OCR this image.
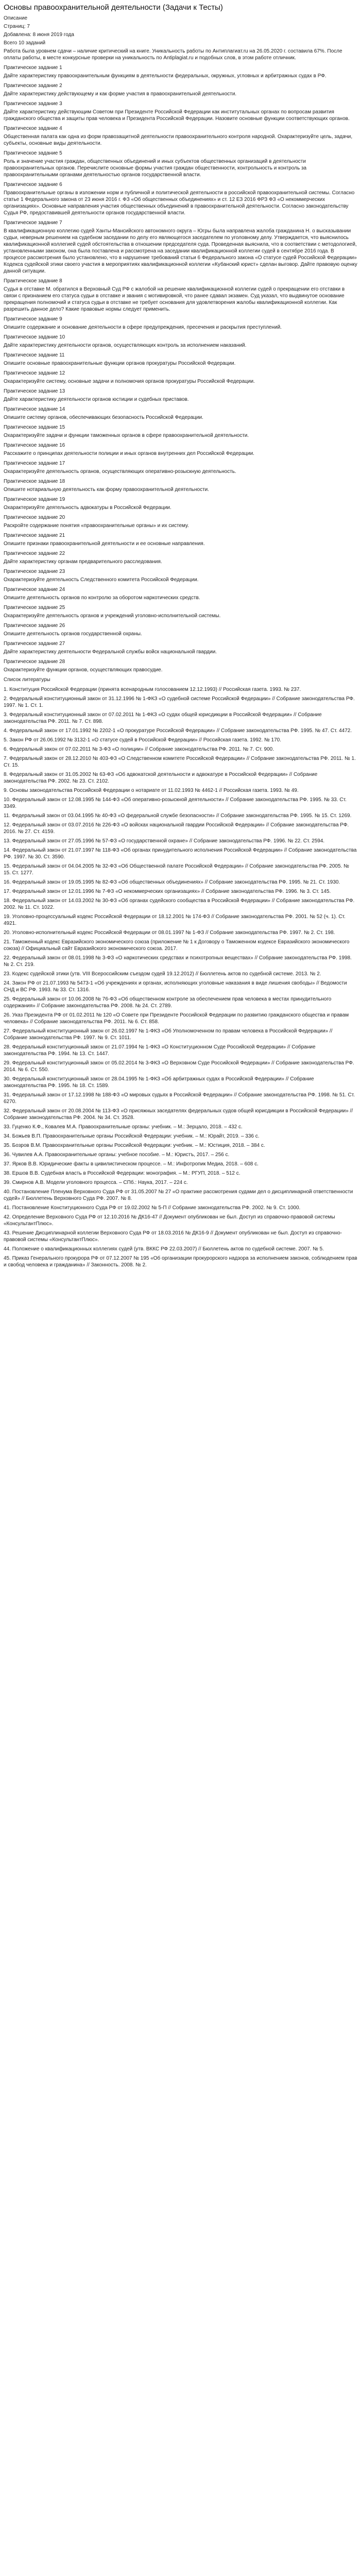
Основы правоохранительной деятельности (Задачи к Тесты)

Описание

Страниц: 7

Добавлена: 8 июня 2019 года

Всего 10 заданий

Работа была уровнем сдачи – наличие критический на книге. Уникальность работы по Антиплагиат.ru на 26.05.2020 г. составила 67%. После оплаты работы, в месте конкурсные проверки на уникальность по Antiplagiat.ru и подобных слов, в этом работе отличник.

Практическое задание 1

Дайте характеристику правоохранительным функциям в деятельности федеральных, окружных, угловных и арбитражных судах в РФ.

Практическое задание 2

Дайте характеристику действующему и как форме участия в правоохранительной деятельности.

Практическое задание 3

Дайте характеристику действующим Советом при Президенте Российской Федерации как институтальных органах по вопросам развития гражданского общества и защиты прав человека и Президента Российской Федерации. Назовите основные функции соответствующих органов.

Практическое задание 4

Общественная палата как одна из форм правозащитной деятельности правоохранительного контроля народной. Охарактеризуйте цель, задачи, субъекты, основные виды деятельности.

Практическое задание 5

Роль и значение участия граждан, общественных объединений и иных субъектов общественных организаций в деятельности правоохранительных органов. Перечислите основные формы участия граждан общественности, контрольность и контроль за правоохранительными органами деятельностью органов государственной власти.

Практическое задание 6

Правоохранительные органы в изложении норм и публичной и политической деятельности в российской правоохранительной системы. Согласно статье 1 Федерального закона от 23 июня 2016 г. ФЗ «Об общественных объединениях» и ст. 12 ЕЗ 2016 ФРЗ ФЗ «О некоммерческих организациях». Основные направления участия общественных объединений в правоохранительной деятельности. Согласно законодательству Судья РФ, предоставившей деятельности органов государственной власти.

Практическое задание 7

В квалификационную коллегию судей Ханты-Мансийского автономного округа – Югры была направлена жалоба гражданина Н. о высказывании судьи, неверным решением на судебном заседании по делу его являющегося заседателем по уголовному делу. Утверждается, что выяснилось квалификационной коллегией судей обстоятельства в отношении председателя суда. Проведенная выяснила, что в соответствии с методологией, установленными законом, она была поставлена и рассмотрена на заседании квалификационной коллегии судей в сентябре 2016 года. В процессе рассмотрения было установлено, что в нарушение требований статьи 6 Федерального закона «О статусе судей Российской Федерации» Кодекса судейской этики своего участия в мероприятиях квалификационной коллегии «Кубанский юрист» сделан выговор. Дайте правовую оценку данной ситуации.

Практическое задание 8

Судья в отставке М. обратился в Верховный Суд РФ с жалобой на решение квалификационной коллегии судей о прекращении его отставки в связи с признанием его статуса судьи в отставке и звания с мотивировкой, что ранее сдавал экзамен. Суд указал, что выдвинутое основание прекращения полномочий и статуса судьи в отставке не требует основания для удовлетворения жалобы квалификационной коллегии. Как разрешить данное дело? Какие правовые нормы следует применить.

Практическое задание 9

Опишите содержание и основание деятельности в сфере предупреждения, пресечения и раскрытия преступлений.

Практическое задание 10

Дайте характеристику деятельности органов, осуществляющих контроль за исполнением наказаний.

Практическое задание 11

Опишите основные правоохранительные функции органов прокуратуры Российской Федерации.

Практическое задание 12

Охарактеризуйте систему, основные задачи и полномочия органов прокуратуры Российской Федерации.

Практическое задание 13

Дайте характеристику деятельности органов юстиции и судебных приставов.

Практическое задание 14

Опишите систему органов, обеспечивающих безопасность Российской Федерации.

Практическое задание 15

Охарактеризуйте задачи и функции таможенных органов в сфере правоохранительной деятельности.

Практическое задание 16

Расскажите о принципах деятельности полиции и иных органов внутренних дел Российской Федерации.

Практическое задание 17

Охарактеризуйте деятельность органов, осуществляющих оперативно-розыскную деятельность.

Практическое задание 18

Опишите нотариальную деятельность как форму правоохранительной деятельности.

Практическое задание 19

Охарактеризуйте деятельность адвокатуры в Российской Федерации.

Практическое задание 20

Раскройте содержание понятия «правоохранительные органы» и их систему.

Практическое задание 21

Опишите признаки правоохранительной деятельности и ее основные направления.

Практическое задание 22

Дайте характеристику органам предварительного расследования.

Практическое задание 23

Охарактеризуйте деятельность Следственного комитета Российской Федерации.

Практическое задание 24

Опишите деятельность органов по контролю за оборотом наркотических средств.

Практическое задание 25

Охарактеризуйте деятельность органов и учреждений уголовно-исполнительной системы.

Практическое задание 26

Опишите деятельность органов государственной охраны.

Практическое задание 27

Дайте характеристику деятельности Федеральной службы войск национальной гвардии.

Практическое задание 28

Охарактеризуйте функции органов, осуществляющих правосудие.

Список литературы

1. Конституция Российской Федерации (принята всенародным голосованием 12.12.1993) // Российская газета. 1993. № 237.

2. Федеральный конституционный закон от 31.12.1996 № 1-ФКЗ «О судебной системе Российской Федерации» // Собрание законодательства РФ. 1997. № 1. Ст. 1.

3. Федеральный конституционный закон от 07.02.2011 № 1-ФКЗ «О судах общей юрисдикции в Российской Федерации» // Собрание законодательства РФ. 2011. № 7. Ст. 898.

4. Федеральный закон от 17.01.1992 № 2202-1 «О прокуратуре Российской Федерации» // Собрание законодательства РФ. 1995. № 47. Ст. 4472.

5. Закон РФ от 26.06.1992 № 3132-1 «О статусе судей в Российской Федерации» // Российская газета. 1992. № 170.

6. Федеральный закон от 07.02.2011 № 3-ФЗ «О полиции» // Собрание законодательства РФ. 2011. № 7. Ст. 900.

7. Федеральный закон от 28.12.2010 № 403-ФЗ «О Следственном комитете Российской Федерации» // Собрание законодательства РФ. 2011. № 1. Ст. 15.

8. Федеральный закон от 31.05.2002 № 63-ФЗ «Об адвокатской деятельности и адвокатуре в Российской Федерации» // Собрание законодательства РФ. 2002. № 23. Ст. 2102.

9. Основы законодательства Российской Федерации о нотариате от 11.02.1993 № 4462-1 // Российская газета. 1993. № 49.

10. Федеральный закон от 12.08.1995 № 144-ФЗ «Об оперативно-розыскной деятельности» // Собрание законодательства РФ. 1995. № 33. Ст. 3349.

11. Федеральный закон от 03.04.1995 № 40-ФЗ «О федеральной службе безопасности» // Собрание законодательства РФ. 1995. № 15. Ст. 1269.

12. Федеральный закон от 03.07.2016 № 226-ФЗ «О войсках национальной гвардии Российской Федерации» // Собрание законодательства РФ. 2016. № 27. Ст. 4159.

13. Федеральный закон от 27.05.1996 № 57-ФЗ «О государственной охране» // Собрание законодательства РФ. 1996. № 22. Ст. 2594.

14. Федеральный закон от 21.07.1997 № 118-ФЗ «Об органах принудительного исполнения Российской Федерации» // Собрание законодательства РФ. 1997. № 30. Ст. 3590.

15. Федеральный закон от 04.04.2005 № 32-ФЗ «Об Общественной палате Российской Федерации» // Собрание законодательства РФ. 2005. № 15. Ст. 1277.

16. Федеральный закон от 19.05.1995 № 82-ФЗ «Об общественных объединениях» // Собрание законодательства РФ. 1995. № 21. Ст. 1930.

17. Федеральный закон от 12.01.1996 № 7-ФЗ «О некоммерческих организациях» // Собрание законодательства РФ. 1996. № 3. Ст. 145.

18. Федеральный закон от 14.03.2002 № 30-ФЗ «Об органах судейского сообщества в Российской Федерации» // Собрание законодательства РФ. 2002. № 11. Ст. 1022.

19. Уголовно-процессуальный кодекс Российской Федерации от 18.12.2001 № 174-ФЗ // Собрание законодательства РФ. 2001. № 52 (ч. 1). Ст. 4921.

20. Уголовно-исполнительный кодекс Российской Федерации от 08.01.1997 № 1-ФЗ // Собрание законодательства РФ. 1997. № 2. Ст. 198.

21. Таможенный кодекс Евразийского экономического союза (приложение № 1 к Договору о Таможенном кодексе Евразийского экономического союза) // Официальный сайт Евразийского экономического союза. 2017.

22. Федеральный закон от 08.01.1998 № 3-ФЗ «О наркотических средствах и психотропных веществах» // Собрание законодательства РФ. 1998. № 2. Ст. 219.

23. Кодекс судейской этики (утв. VIII Всероссийским съездом судей 19.12.2012) // Бюллетень актов по судебной системе. 2013. № 2.

24. Закон РФ от 21.07.1993 № 5473-1 «Об учреждениях и органах, исполняющих уголовные наказания в виде лишения свободы» // Ведомости СНД и ВС РФ. 1993. № 33. Ст. 1316.

25. Федеральный закон от 10.06.2008 № 76-ФЗ «Об общественном контроле за обеспечением прав человека в местах принудительного содержания» // Собрание законодательства РФ. 2008. № 24. Ст. 2789.

26. Указ Президента РФ от 01.02.2011 № 120 «О Совете при Президенте Российской Федерации по развитию гражданского общества и правам человека» // Собрание законодательства РФ. 2011. № 6. Ст. 858.

27. Федеральный конституционный закон от 26.02.1997 № 1-ФКЗ «Об Уполномоченном по правам человека в Российской Федерации» // Собрание законодательства РФ. 1997. № 9. Ст. 1011.

28. Федеральный конституционный закон от 21.07.1994 № 1-ФКЗ «О Конституционном Суде Российской Федерации» // Собрание законодательства РФ. 1994. № 13. Ст. 1447.

29. Федеральный конституционный закон от 05.02.2014 № 3-ФКЗ «О Верховном Суде Российской Федерации» // Собрание законодательства РФ. 2014. № 6. Ст. 550.

30. Федеральный конституционный закон от 28.04.1995 № 1-ФКЗ «Об арбитражных судах в Российской Федерации» // Собрание законодательства РФ. 1995. № 18. Ст. 1589.

31. Федеральный закон от 17.12.1998 № 188-ФЗ «О мировых судьях в Российской Федерации» // Собрание законодательства РФ. 1998. № 51. Ст. 6270.

32. Федеральный закон от 20.08.2004 № 113-ФЗ «О присяжных заседателях федеральных судов общей юрисдикции в Российской Федерации» // Собрание законодательства РФ. 2004. № 34. Ст. 3528.

33. Гуценко К.Ф., Ковалев М.А. Правоохранительные органы: учебник. – М.: Зерцало, 2018. – 432 с.

34. Божьев В.П. Правоохранительные органы Российской Федерации: учебник. – М.: Юрайт, 2019. – 336 с.

35. Бозров В.М. Правоохранительные органы Российской Федерации: учебник. – М.: Юстиция, 2018. – 384 с.

36. Чувилев А.А. Правоохранительные органы: учебное пособие. – М.: Юристъ, 2017. – 256 с.

37. Ярков В.В. Юридические факты в цивилистическом процессе. – М.: Инфотропик Медиа, 2018. – 608 с.

38. Ершов В.В. Судебная власть в Российской Федерации: монография. – М.: РГУП, 2018. – 512 с.

39. Смирнов А.В. Модели уголовного процесса. – СПб.: Наука, 2017. – 224 с.

40. Постановление Пленума Верховного Суда РФ от 31.05.2007 № 27 «О практике рассмотрения судами дел о дисциплинарной ответственности судей» // Бюллетень Верховного Суда РФ. 2007. № 8.

41. Постановление Конституционного Суда РФ от 19.02.2002 № 5-П // Собрание законодательства РФ. 2002. № 9. Ст. 1000.

42. Определение Верховного Суда РФ от 12.10.2016 № ДК16-47 // Документ опубликован не был. Доступ из справочно-правовой системы «КонсультантПлюс».

43. Решение Дисциплинарной коллегии Верховного Суда РФ от 18.03.2016 № ДК16-9 // Документ опубликован не был. Доступ из справочно-правовой системы «КонсультантПлюс».

44. Положение о квалификационных коллегиях судей (утв. ВККС РФ 22.03.2007) // Бюллетень актов по судебной системе. 2007. № 5.

45. Приказ Генерального прокурора РФ от 07.12.2007 № 195 «Об организации прокурорского надзора за исполнением законов, соблюдением прав и свобод человека и гражданина» // Законность. 2008. № 2.
